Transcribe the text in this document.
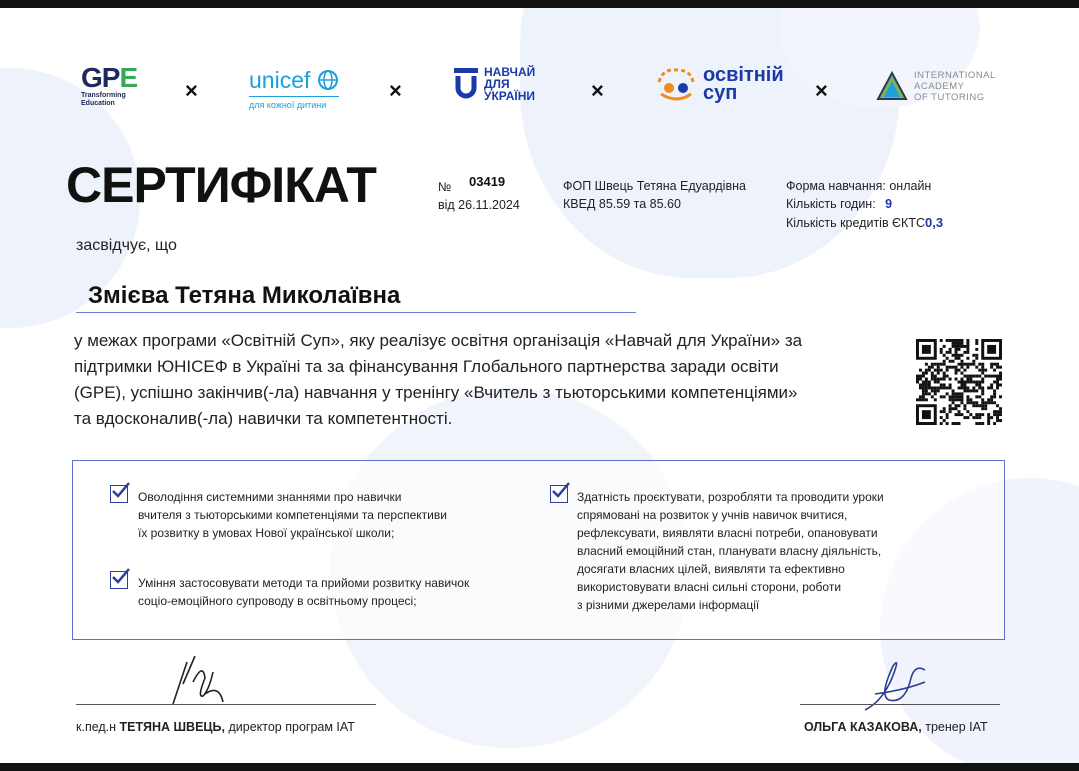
GPE
Transforming Education
× unicef
для кожної дитини
×
НАВЧАЙ
ДЛЯ
УКРАЇНИ	×
освітній
суп	×
INTERNATIONAL
ACADEMY
OF TUTORING
СЕРТИФІКАТ	№ 03419
від 26.11.2024
ФОП Швець Тетяна Едуардівна
КВЕД 85.59 та 85.60
Форма навчання: онлайн
Кількість годин: 9
Кількість кредитів ЄКТС0,3
засвідчує, що
Змієва Тетяна Миколаївна
у межах програми «Освітній Суп», яку реалізує освітня організація «Навчай для України» за
підтримки ЮНІСЕФ в Україні та за фінансування Глобального партнерства заради освіти
(GPE), успішно закінчив(-ла) навчання у тренінгу «Вчитель з тьюторськими компетенціями»
та вдосконалив(-ла) навички та компетентності.
Оволодіння системними знаннями про навички
вчителя з тьюторськими компетенціями та перспективи
їх розвитку в умовах Нової української школи;
Уміння застосовувати методи та прийоми розвитку навичок
соціо-емоційного супроводу в освітньому процесі;
Здатність проєктувати, розробляти та проводити уроки
спрямовані на розвиток у учнів навичок вчитися,
рефлексувати, виявляти власні потреби, опановувати
власний емоційний стан, планувати власну діяльність,
досягати власних цілей, виявляти та ефективно
використовувати власні сильні сторони, роботи
з різними джерелами інформації
к.пед.н ТЕТЯНА ШВЕЦЬ, директор програм IAT	ОЛЬГА КАЗАКОВА, тренер IAT
